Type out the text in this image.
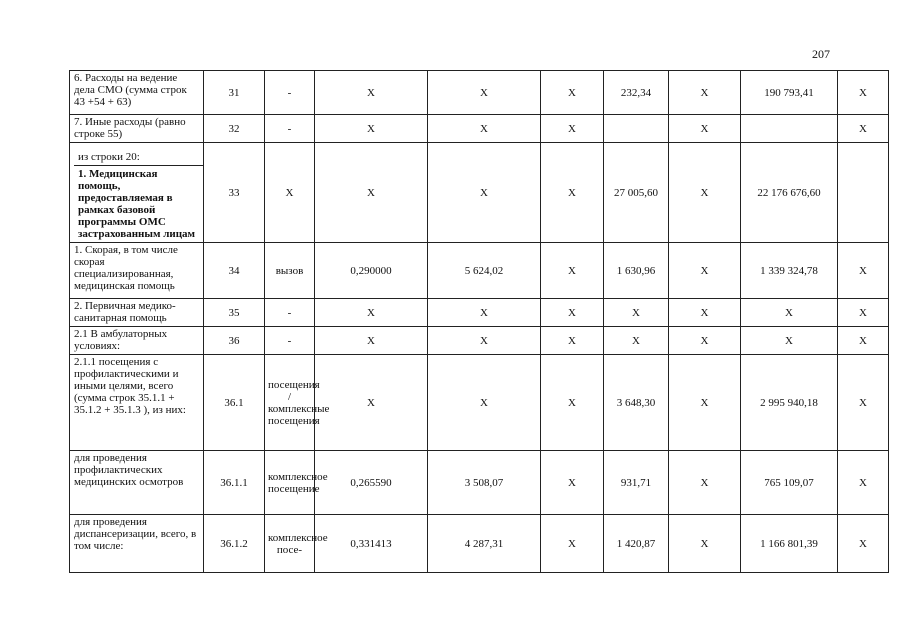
207
6. Расходы на ведение дела СМО (сумма строк 43 +54 + 63)	31	-	X	X	X	232,34	X	190 793,41	X
7. Иные расходы (равно строке 55)	32	-	X	X	X		X		X

из строки 20:
1. Медицинская помощь, предоставляемая в рамках базовой программы ОМС застрахованным лицам	33	X	X	X	X	27 005,60	X	22 176 676,60	
1. Скорая, в том числе скорая специализированная, медицинская помощь	34	вызов	0,290000	5 624,02	X	1 630,96	X	1 339 324,78	X
2. Первичная медико-санитарная помощь	35	-	X	X	X	X	X	X	X
2.1 В амбулаторных условиях:	36	-	X	X	X	X	X	X	X
2.1.1 посещения с профилактическими и иными целями, всего (сумма строк 35.1.1 + 35.1.2 + 35.1.3 ), из них:	36.1	посещения / комплексные посещения	X	X	X	3 648,30	X	2 995 940,18	X
для проведения профилактических медицинских осмотров	36.1.1	комплексное посещение	0,265590	3 508,07	X	931,71	X	765 109,07	X
для проведения диспансеризации, всего, в том числе:	36.1.2	комплексное посе-	0,331413	4 287,31	X	1 420,87	X	1 166 801,39	X
